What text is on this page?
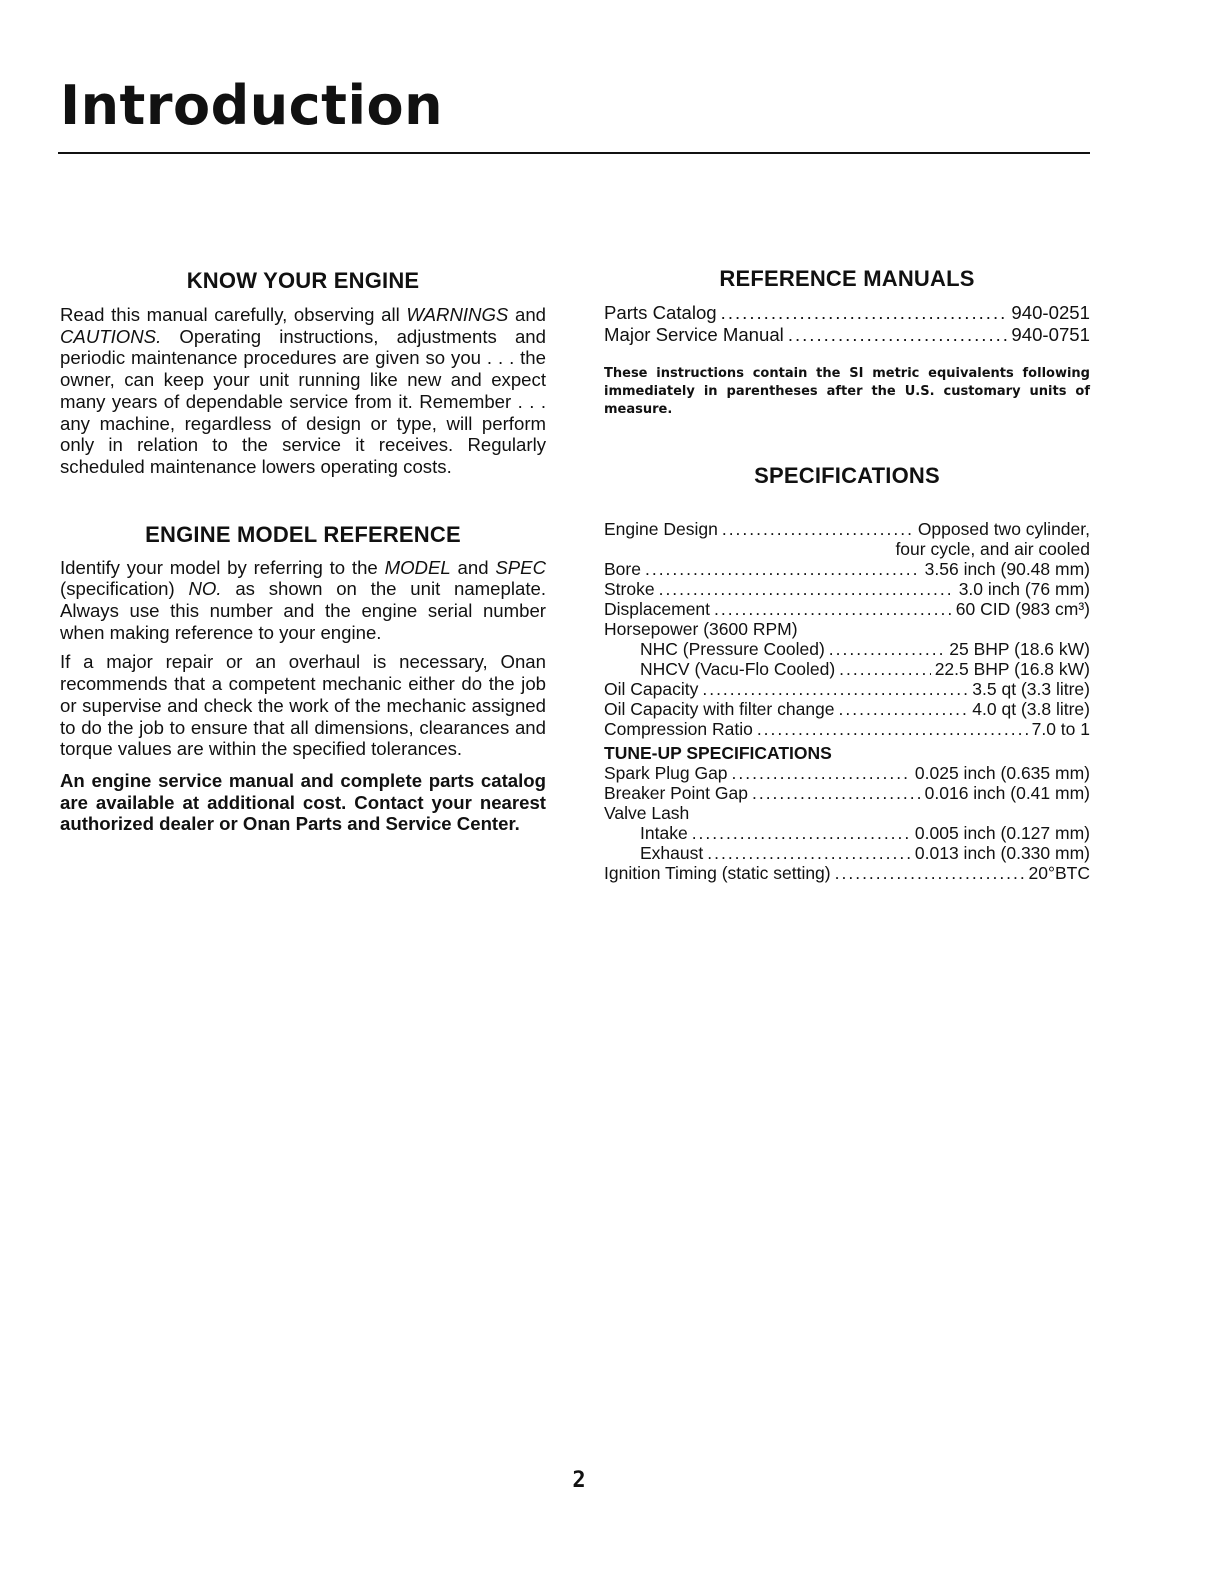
Introduction
KNOW YOUR ENGINE

Read this manual carefully, observing all WARNINGS and CAUTIONS. Operating instructions, adjustments and periodic maintenance procedures are given so you . . . the owner, can keep your unit running like new and expect many years of dependable service from it. Remember . . . any machine, regardless of design or type, will perform only in relation to the service it receives. Regularly scheduled maintenance lowers operating costs.

ENGINE MODEL REFERENCE

Identify your model by referring to the MODEL and SPEC (specification) NO. as shown on the unit nameplate. Always use this number and the engine serial number when making reference to your engine.

If a major repair or an overhaul is necessary, Onan recommends that a competent mechanic either do the job or supervise and check the work of the mechanic assigned to do the job to ensure that all dimensions, clearances and torque values are within the specified tolerances.

An engine service manual and complete parts catalog are available at additional cost. Contact your nearest authorized dealer or Onan Parts and Service Center.

REFERENCE MANUALS
Parts Catalog .....	940-0251
Major Service Manual .....	940-0751

These instructions contain the SI metric equivalents following immediately in parentheses after the U.S. customary units of measure.

SPECIFICATIONS
Engine Design .....	Opposed two cylinder,
four cycle, and air cooled
Bore .....	3.56 inch (90.48 mm)
Stroke .....	3.0 inch (76 mm)
Displacement .....	60 CID (983 cm³)
Horsepower (3600 RPM)
NHC (Pressure Cooled) .....	25 BHP (18.6 kW)
NHCV (Vacu-Flo Cooled) .....	22.5 BHP (16.8 kW)
Oil Capacity .....	3.5 qt (3.3 litre)
Oil Capacity with filter change .....	4.0 qt (3.8 litre)
Compression Ratio .....	7.0 to 1
TUNE-UP SPECIFICATIONS
Spark Plug Gap .....	0.025 inch (0.635 mm)
Breaker Point Gap .....	0.016 inch (0.41 mm)
Valve Lash
Intake .....	0.005 inch (0.127 mm)
Exhaust .....	0.013 inch (0.330 mm)
Ignition Timing (static setting) .....	20°BTC
2
